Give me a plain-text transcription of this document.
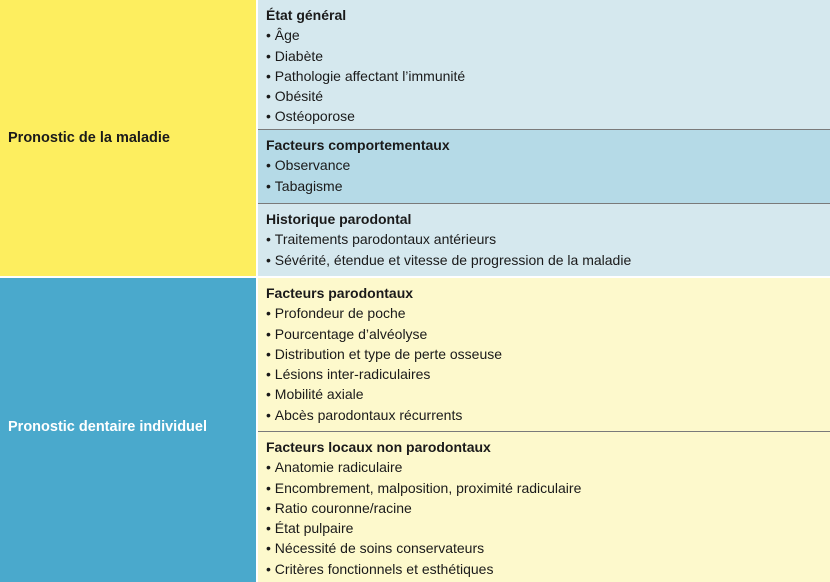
Pronostic de la maladie
Pronostic dentaire individuel
État général
• Âge
• Diabète
• Pathologie affectant l’immunité
• Obésité
• Ostéoporose
Facteurs comportementaux
• Observance
• Tabagisme
Historique parodontal
• Traitements parodontaux antérieurs
• Sévérité, étendue et vitesse de progression de la maladie
Facteurs parodontaux
• Profondeur de poche
• Pourcentage d’alvéolyse
• Distribution et type de perte osseuse
• Lésions inter-radiculaires
• Mobilité axiale
• Abcès parodontaux récurrents
Facteurs locaux non parodontaux
• Anatomie radiculaire
• Encombrement, malposition, proximité radiculaire
• Ratio couronne/racine
• État pulpaire
• Nécessité de soins conservateurs
• Critères fonctionnels et esthétiques
